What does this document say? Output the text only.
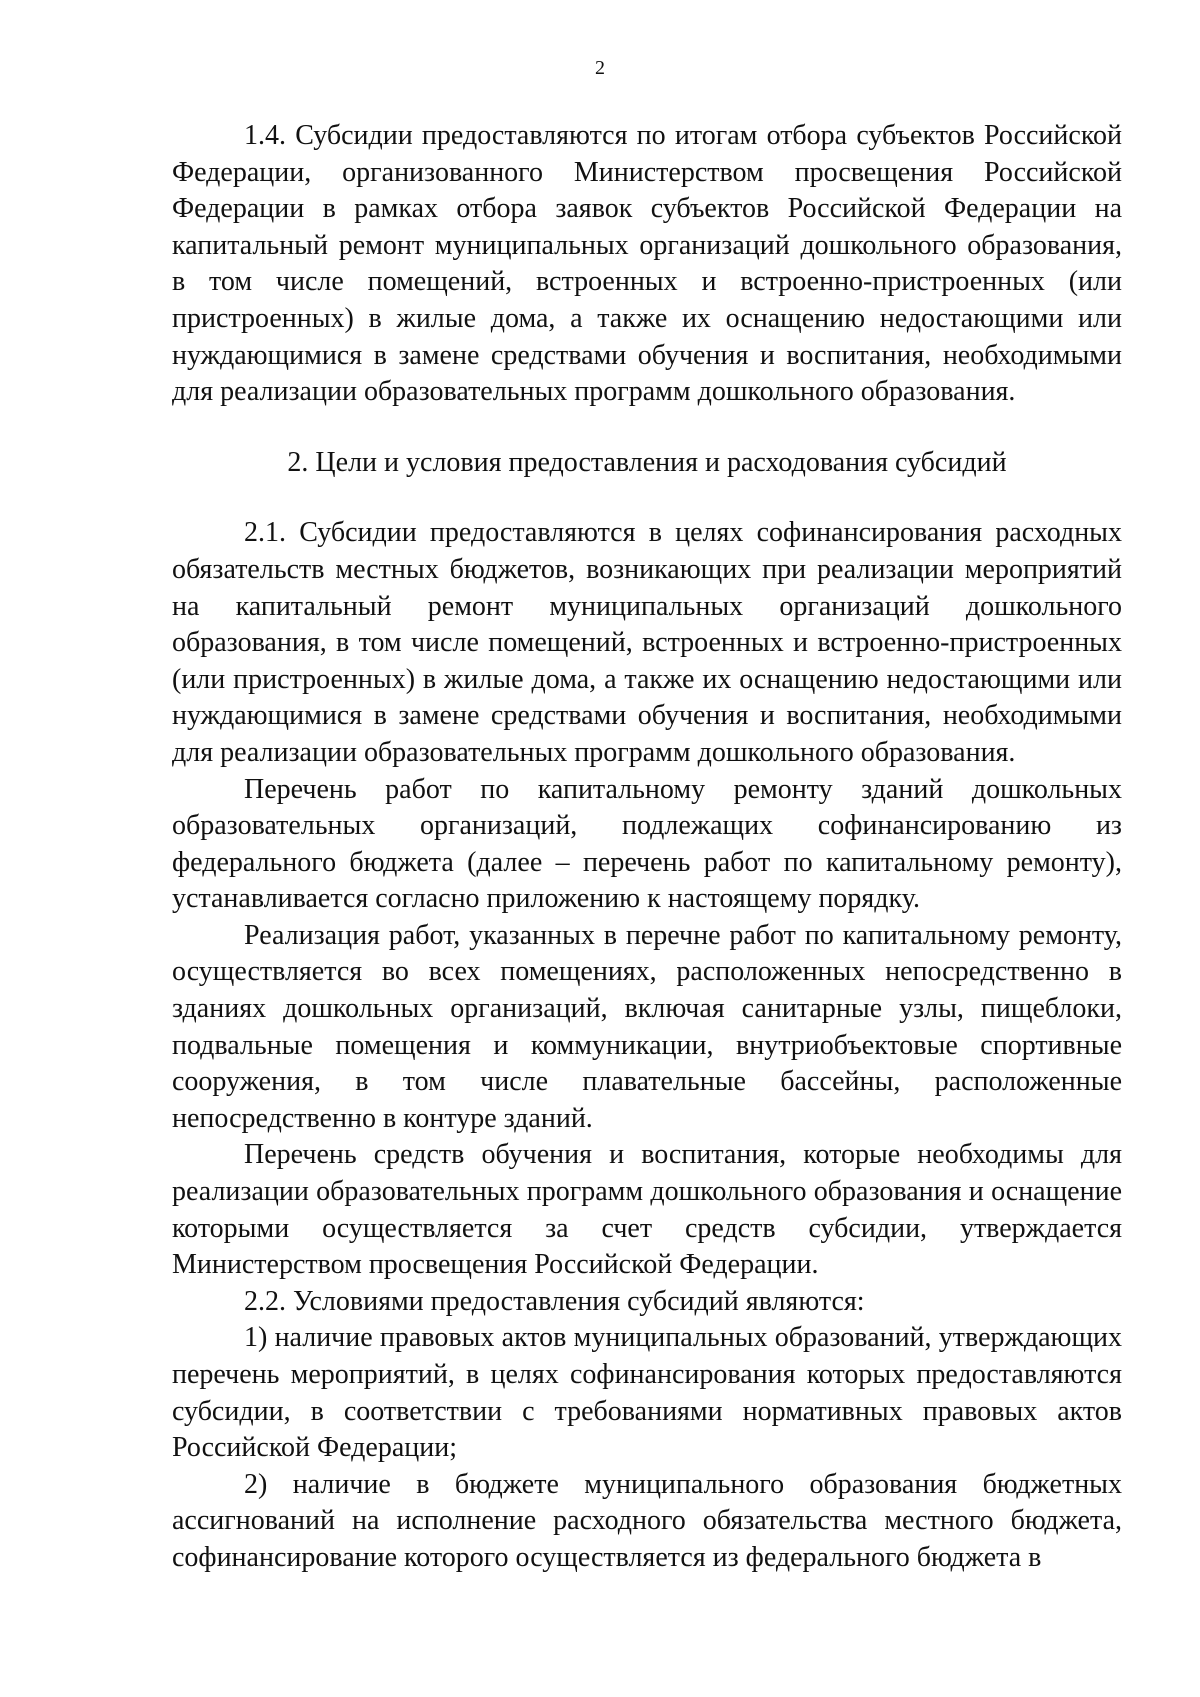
2

1.4. Субсидии предоставляются по итогам отбора субъектов Российской Федерации, организованного Министерством просвещения Российской Федерации в рамках отбора заявок субъектов Российской Федерации на капитальный ремонт муниципальных организаций дошкольного образования, в том числе помещений, встроенных и встроенно-пристроенных (или пристроенных) в жилые дома, а также их оснащению недостающими или нуждающимися в замене средствами обучения и воспитания, необходимыми для реализации образовательных программ дошкольного образования.

2. Цели и условия предоставления и расходования субсидий

2.1. Субсидии предоставляются в целях софинансирования расходных обязательств местных бюджетов, возникающих при реализации мероприятий на капитальный ремонт муниципальных организаций дошкольного образования, в том числе помещений, встроенных и встроенно-пристроенных (или пристроенных) в жилые дома, а также их оснащению недостающими или нуждающимися в замене средствами обучения и воспитания, необходимыми для реализации образовательных программ дошкольного образования.

Перечень работ по капитальному ремонту зданий дошкольных образовательных организаций, подлежащих софинансированию из федерального бюджета (далее – перечень работ по капитальному ремонту), устанавливается согласно приложению к настоящему порядку.

Реализация работ, указанных в перечне работ по капитальному ремонту, осуществляется во всех помещениях, расположенных непосредственно в зданиях дошкольных организаций, включая санитарные узлы, пищеблоки, подвальные помещения и коммуникации, внутриобъектовые спортивные сооружения, в том числе плавательные бассейны, расположенные непосредственно в контуре зданий.

Перечень средств обучения и воспитания, которые необходимы для реализации образовательных программ дошкольного образования и оснащение которыми осуществляется за счет средств субсидии, утверждается Министерством просвещения Российской Федерации.

2.2. Условиями предоставления субсидий являются:

1) наличие правовых актов муниципальных образований, утверждающих перечень мероприятий, в целях софинансирования которых предоставляются субсидии, в соответствии с требованиями нормативных правовых актов Российской Федерации;

2) наличие в бюджете муниципального образования бюджетных ассигнований на исполнение расходного обязательства местного бюджета, софинансирование которого осуществляется из федерального бюджета в
